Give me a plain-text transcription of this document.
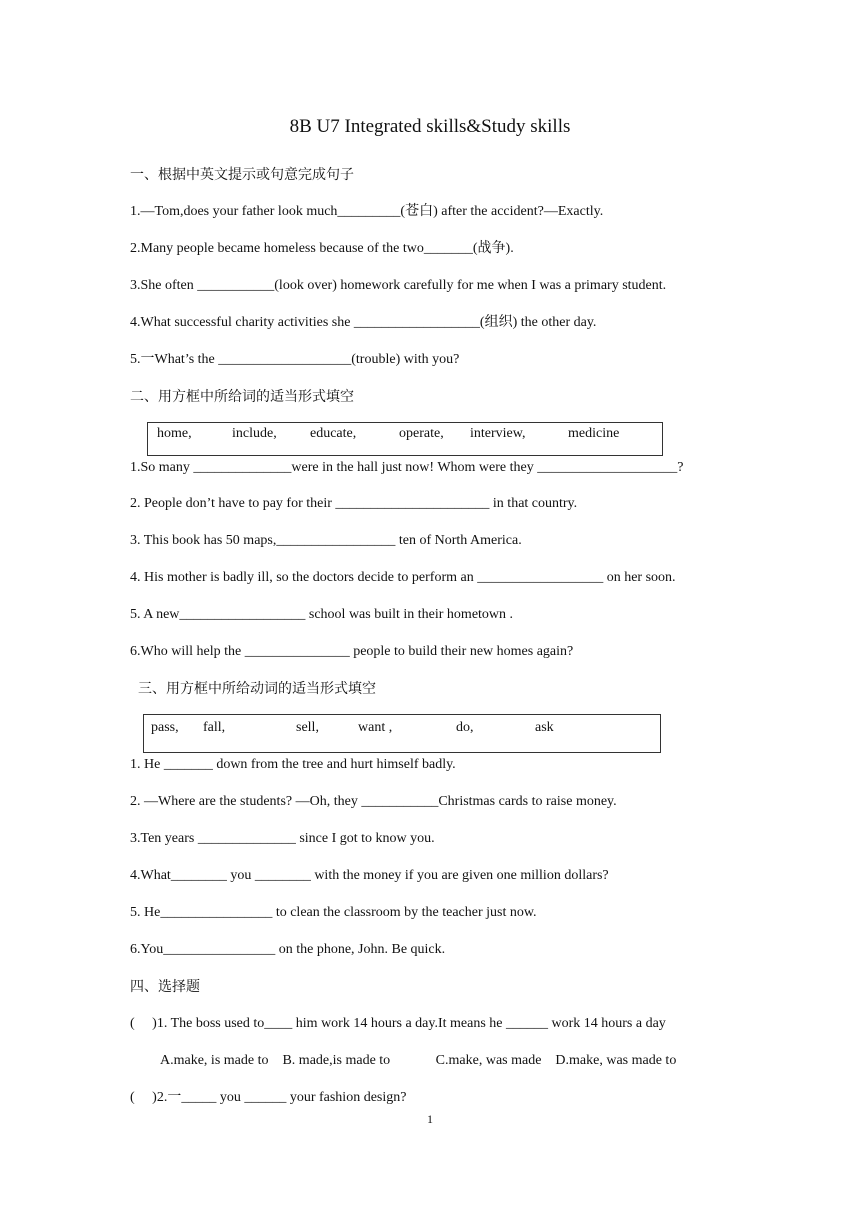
8B U7 Integrated skills&Study skills
一、根据中英文提示或句意完成句子
1.—Tom,does your father look much_________(苍白) after the accident?—Exactly.
2.Many people became homeless because of the two_______(战争).
3.She often ___________(look over) homework carefully for me when I was a primary student.
4.What successful charity activities she __________________(组织) the other day.
5.一What’s the ___________________(trouble) with you?
二、用方框中所给词的适当形式填空
home,	include, educate,	operate, interview,	medicine
1.So many ______________were in the hall just now! Whom were they ____________________?
2. People don’t have to pay for their ______________________ in that country.
3. This book has 50 maps,_________________ ten of North America.
4. His mother is badly ill, so the doctors decide to perform an __________________ on her soon.
5. A new__________________ school was built in their hometown .
6.Who will help the _______________ people to build their new homes again?
三、用方框中所给动词的适当形式填空
pass, fall,	sell,	want ,	do,	ask
1. He _______ down from the tree and hurt himself badly.
2. —Where are the students? —Oh, they ___________Christmas cards to raise money.
3.Ten years ______________ since I got to know you.
4.What________ you ________ with the money if you are given one million dollars?
5. He________________ to clean the classroom by the teacher just now.
6.You________________ on the phone, John. Be quick.
四、选择题
(     )1. The boss used to____ him work 14 hours a day.It means he ______ work 14 hours a day
A.make, is made to    B. made,is made to             C.make, was made    D.make, was made to
(     )2.一_____ you ______ your fashion design?
1
